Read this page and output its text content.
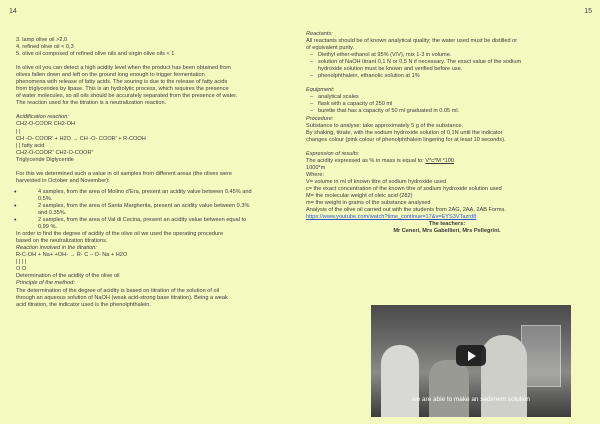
14

3. lamp olive oil >2,0

4. refined olive oil < 0,3

5. olive oil composed of refined olive oils and virgin olive oils < 1

In olive oil you can detect a high acidity level when the product has been obtained from

olives fallen down and left on the ground long enough to trigger fermentation

phenomena with release of fatty acids. The souring is due to the release of fatty acids

from triglycerides by lipase. This is an hydrolytic process, which requires the presence

of water molecules, so all oils should be accurately separated from the presence of water.

The reaction used for the titration is a neutralization reaction.

Acidification reaction:

CH2-O-COOR CH2-OH

| |

CH -O- COOR’ + H2O → CH -O- COOR’ + R-COOH

| | fatty acid

CH2-O-COOR” CH2-O-COOR”

Triglyceride Diglyceride

For this we determined such a value in oil samples from different areas (the olives were

harvested in October and November):

• 4 samples, from the area of Molino d’Era, present an acidity value between 0.45% and

0.5%.

• 2 samples, from the area of Santa Margherita, present an acidity value between 0.3%

and 0.35%.

• 2 samples, from the area of Val di Cecina, present an acidity value between equal to

0,99 %.

In order to find the degree of acidity of the olive oil we used the operating procedure

based on the neutralization titrations.

Reaction involved in the titration:

R-C-OH + Na+ +OH- → R- C – O- Na + H2O

| | | |

O O

Determination of the acidity of the olive oil

Principle of the method:

The determination of the degree of acidity is based on titration of the solution of oil

through an aqueous solution of NaOH (weak acid-strong base titration). Being a weak

acid titration, the indicator used is the phenolphthalein.

15

Reactants:

All reactants should be of known analytical quality; the water used must be distilled or

of equivalent purity.

– Diethyl ether-ethanol at 95% (V/V), mix 1-3 in volume.

– solution of NaOH titrant 0,1 N or 0,5 N if necessary. The exact value of the sodium

hydroxide solution must be known and verified before use.

– phenolphthalein, ethanolic solution at 1%

Equipment:

– analytical scales

– flask with a capacity of 250 ml

– burette that has a capacity of 50 ml graduated in 0.05 ml.

Procedure:

Substance to analyse: take approximately 5 g of the substance.

By shaking, titrate, with the sodium hydroxide solution of 0,1N until the indicator

changes colour (pink colour of phenolphthalein lingering for at least 10 seconds).

Expression of results:

The acidity expressed as % in mass is equal to: V*c*M *100

1000*m

Where:

V= volume in ml of known titre of sodium hydroxide used

c= the exact concentration of the known titre of sodium hydroxide solution used

M= the molecular weight of oleic acid (282)

m= the weight in grams of the substance analysed

Analysis of the olive oil carried out with the students from 2AG, 2AA, 2AB Forms.

https://www.youtube.com/watch?time_continue=17&v=EYS3VTazrd8

The teachers:

Mr Ceneri, Mrs Gabellieri, Mrs Pellegrini.

we are able to make an sediment solution
